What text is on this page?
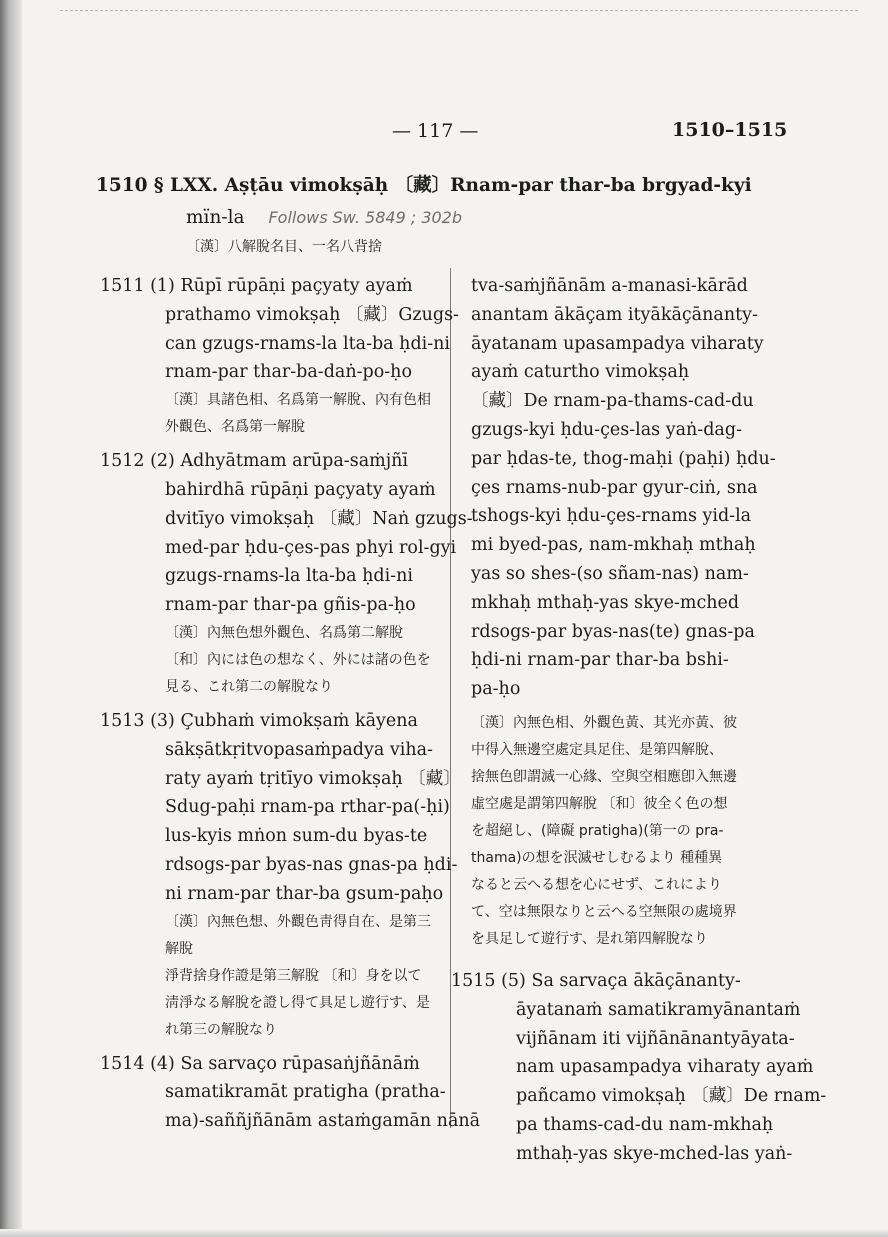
— 117 —	1510–1515
1510 § LXX. Aṣṭāu vimokṣāḥ 〔藏〕Rnam-par thar-ba brgyad-kyi
mïn-la Follows Sw. 5849 ; 302b
〔漢〕八解脫名目、一名八背捨
1511 (1) Rūpī rūpāṇi paçyaty ayaṁ
prathamo vimokṣaḥ 〔藏〕Gzugs-
can gzugs-rnams-la lta-ba ḥdi-ni
rnam-par thar-ba-daṅ-po-ḥo
〔漢〕具諸色相、名爲第一解脫、內有色相
外觀色、名爲第一解脫
1512 (2) Adhyātmam arūpa-saṁjñī
bahirdhā rūpāṇi paçyaty ayaṁ
dvitīyo vimokṣaḥ 〔藏〕Naṅ gzugs-
med-par ḥdu-çes-pas phyi rol-gyi
gzugs-rnams-la lta-ba ḥdi-ni
rnam-par thar-pa gñis-pa-ḥo
〔漢〕內無色想外觀色、名爲第二解脫
〔和〕內には色の想なく、外には諸の色を
見る、これ第二の解脫なり
1513 (3) Çubhaṁ vimokṣaṁ kāyena
sākṣātkṛitvopasaṁpadya viha-
raty ayaṁ tṛitīyo vimokṣaḥ 〔藏〕
Sdug-paḥi rnam-pa rthar-pa(-ḥi)
lus-kyis mṅon sum-du byas-te
rdsogs-par byas-nas gnas-pa ḥdi-
ni rnam-par thar-ba gsum-paḥo
〔漢〕內無色想、外觀色靑得自在、是第三
解脫
淨背捨身作證是第三解脫 〔和〕身を以て
淸淨なる解脫を證し得て具足し遊行す、是
れ第三の解脫なり
1514 (4) Sa sarvaço rūpasaṅjñānāṁ
samatikramāt pratigha (pratha-
ma)-saññjñānām astaṁgamān nānā
tva-saṁjñānām a-manasi-kārād
anantam ākāçam ityākāçānanty-
āyatanam upasampadya viharaty
ayaṁ caturtho vimokṣaḥ
〔藏〕De rnam-pa-thams-cad-du
gzugs-kyi ḥdu-çes-las yaṅ-dag-
par ḥdas-te, thog-maḥi (paḥi) ḥdu-
çes rnams-nub-par gyur-ciṅ, sna
tshogs-kyi ḥdu-çes-rnams yid-la
mi byed-pas, nam-mkhaḥ mthaḥ
yas so shes-(so sñam-nas) nam-
mkhaḥ mthaḥ-yas skye-mched
rdsogs-par byas-nas(te) gnas-pa
ḥdi-ni rnam-par thar-ba bshi-
pa-ḥo
〔漢〕內無色相、外觀色黃、其光亦黃、彼
中得入無邊空處定具足住、是第四解脫、
捨無色卽謂滅一心緣、空與空相應卽入無邊
虛空處是謂第四解脫 〔和〕彼全く色の想
を超絕し、(障礙 pratigha)(第一の pra-
thama)の想を泯滅せしむるより 種種異
なると云へる想を心にせず、これにより
て、空は無限なりと云へる空無限の處境界
を具足して遊行す、是れ第四解脫なり
1515 (5) Sa sarvaça ākāçānanty-
āyatanaṁ samatikramyānantaṁ
vijñānam iti vijñānānantyāyata-
nam upasampadya viharaty ayaṁ
pañcamo vimokṣaḥ 〔藏〕De rnam-
pa thams-cad-du nam-mkhaḥ
mthaḥ-yas skye-mched-las yaṅ-
